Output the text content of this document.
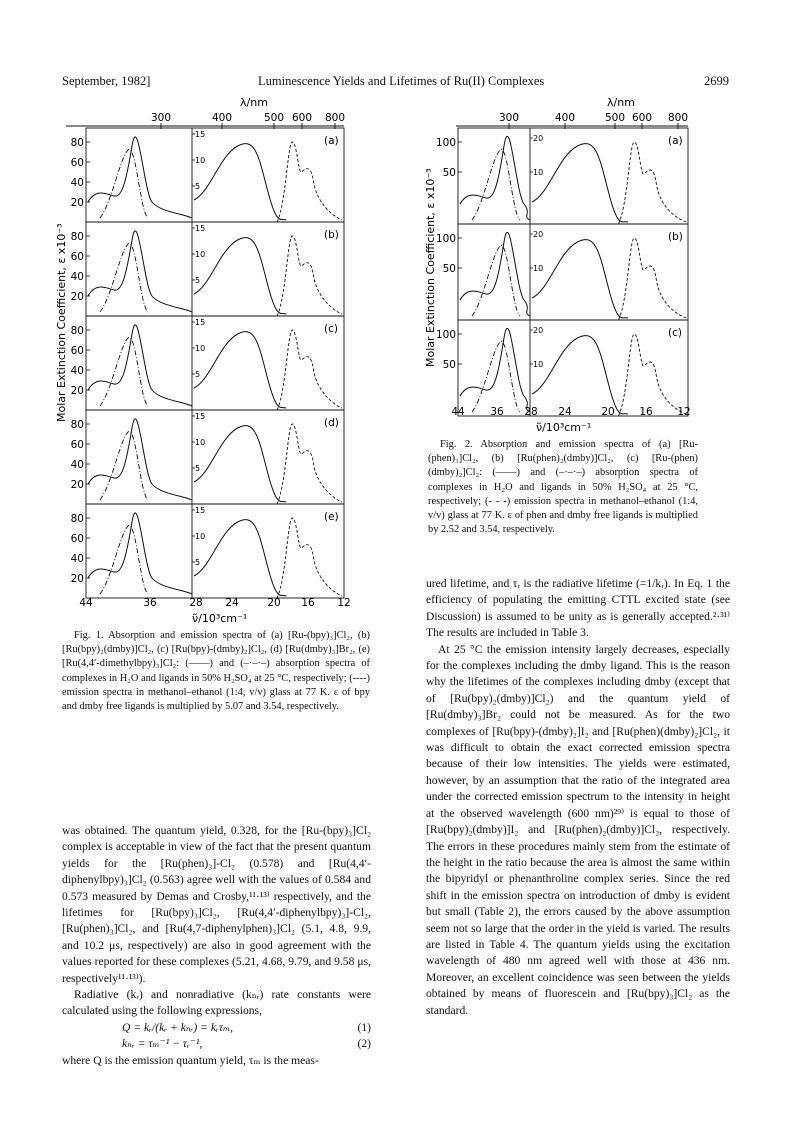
September, 1982]	Luminescence Yields and Lifetimes of Ru(II) Complexes	2699
λ/nm
300	400	500 600 800
Molar Extinction Coefficient, ε x10⁻³
80
60
40
20
15
10
5
(a)
80
60
40
20
15
10
5
(b)
80
60
40
20
15
10
5
(c)
80
60
40
20
15
10
5
(d)
80
60
40
20
15
10
5
(e)
44	36	28 24	20 16 12
ν̃/10³cm⁻¹

Fig. 1. Absorption and emission spectra of (a) [Ru-(bpy)₃]Cl₂, (b) [Ru(bpy)₂(dmby)]Cl₂, (c) [Ru(bpy)-(dmby)₂]Cl₂, (d) [Ru(dmby)₃]Br₂, (e) [Ru(4,4′-dimethylbpy)₃]Cl₂: (——) and (–·–·–) absorption spectra of complexes in H₂O and ligands in 50% H₂SO₄ at 25 °C, respectively; (----) emission spectra in methanol–ethanol (1:4, v/v) glass at 77 K. ε of bpy and dmby free ligands is multiplied by 5.07 and 3.54, respectively.

λ/nm
300	400	500 600 800
Molar Extinction Coefficient, ε x10⁻³
100
50
20
10
(a)
100
50
20
10
(b)
100
50
20
10
(c)
44 36 28 24	20 16 12
ν̃/10³cm⁻¹

Fig. 2. Absorption and emission spectra of (a) [Ru-(phen)₃]Cl₂, (b) [Ru(phen)₂(dmby)]Cl₂, (c) [Ru-(phen)(dmby)₂]Cl₂: (——) and (–·–·–) absorption spectra of complexes in H₂O and ligands in 50% H₂SO₄ at 25 °C, respectively; (- - -) emission spectra in methanol–ethanol (1:4, v/v) glass at 77 K. ε of phen and dmby free ligands is multiplied by 2.52 and 3.54, respectively.

was obtained. The quantum yield, 0.328, for the [Ru-(bpy)₃]Cl₂ complex is acceptable in view of the fact that the present quantum yields for the [Ru(phen)₃]-Cl₂ (0.578) and [Ru(4,4′-diphenylbpy)₃]Cl₂ (0.563) agree well with the values of 0.584 and 0.573 measured by Demas and Crosby,¹¹·¹³⁾ respectively, and the lifetimes for [Ru(bpy)₃]Cl₂, [Ru(4,4′-diphenylbpy)₃]-Cl₂, [Ru(phen)₃]Cl₂, and [Ru(4,7-diphenylphen)₃]Cl₂ (5.1, 4.8, 9.9, and 10.2 μs, respectively) are also in good agreement with the values reported for these complexes (5.21, 4.68, 9.79, and 9.58 μs, respectively¹¹·¹³⁾).

Radiative (kᵣ) and nonradiative (kₙᵣ) rate constants were calculated using the following expressions,

Q = kᵣ/(kᵣ + kₙᵣ) = kᵣτₘ,	(1)
kₙᵣ = τₘ⁻¹ − τᵣ⁻¹,	(2)

where Q is the emission quantum yield, τₘ is the meas-

ured lifetime, and τᵣ is the radiative lifetime (=1/kᵣ). In Eq. 1 the efficiency of populating the emitting CTTL excited state (see Discussion) is assumed to be unity as is generally accepted.²·³¹⁾ The results are included in Table 3.

At 25 °C the emission intensity largely decreases, especially for the complexes including the dmby ligand. This is the reason why the lifetimes of the complexes including dmby (except that of [Ru(bpy)₂(dmby)]Cl₂) and the quantum yield of [Ru(dmby)₃]Br₂ could not be measured. As for the two complexes of [Ru(bpy)-(dmby)₂]I₂ and [Ru(phen)(dmby)₂]Cl₂, it was difficult to obtain the exact corrected emission spectra because of their low intensities. The yields were estimated, however, by an assumption that the ratio of the integrated area under the corrected emission spectrum to the intensity in height at the observed wavelength (600 nm)²⁹⁾ is equal to those of [Ru(bpy)₂(dmby)]I₂ and [Ru(phen)₂(dmby)]Cl₂, respectively. The errors in these procedures mainly stem from the estimate of the height in the ratio because the area is almost the same within the bipyridyl or phenanthroline complex series. Since the red shift in the emission spectra on introduction of dmby is evident but small (Table 2), the errors caused by the above assumption seem not so large that the order in the yield is varied. The results are listed in Table 4. The quantum yields using the excitation wavelength of 480 nm agreed well with those at 436 nm. Moreover, an excellent coincidence was seen between the yields obtained by means of fluorescein and [Ru(bpy)₃]Cl₂ as the standard.
